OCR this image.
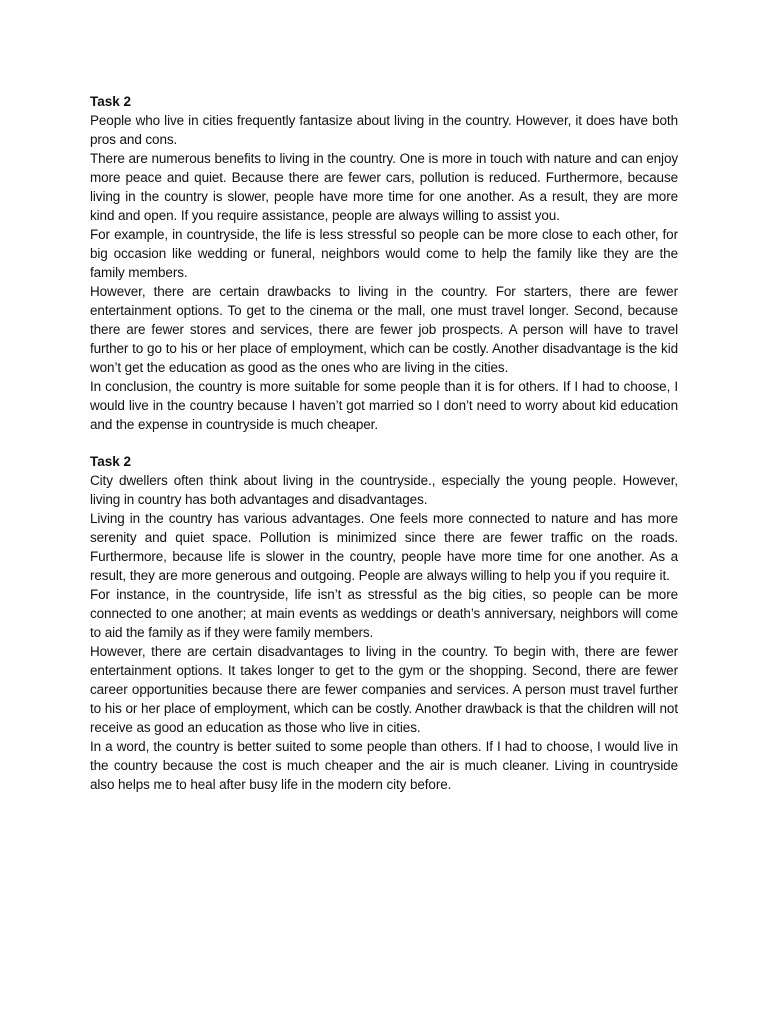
Task 2

People who live in cities frequently fantasize about living in the country. However, it does have both pros and cons.

There are numerous benefits to living in the country. One is more in touch with nature and can enjoy more peace and quiet. Because there are fewer cars, pollution is reduced. Furthermore, because living in the country is slower, people have more time for one another. As a result, they are more kind and open. If you require assistance, people are always willing to assist you.

For example, in countryside, the life is less stressful so people can be more close to each other, for big occasion like wedding or funeral, neighbors would come to help the family like they are the family members.

However, there are certain drawbacks to living in the country. For starters, there are fewer entertainment options. To get to the cinema or the mall, one must travel longer. Second, because there are fewer stores and services, there are fewer job prospects. A person will have to travel further to go to his or her place of employment, which can be costly. Another disadvantage is the kid won’t get the education as good as the ones who are living in the cities.

In conclusion, the country is more suitable for some people than it is for others. If I had to choose, I would live in the country because I haven’t got married so I don’t need to worry about kid education and the expense in countryside is much cheaper.

Task 2

City dwellers often think about living in the countryside., especially the young people. However, living in country has both advantages and disadvantages.

Living in the country has various advantages. One feels more connected to nature and has more serenity and quiet space. Pollution is minimized since there are fewer traffic on the roads. Furthermore, because life is slower in the country, people have more time for one another. As a result, they are more generous and outgoing. People are always willing to help you if you require it.

For instance, in the countryside, life isn’t as stressful as the big cities, so people can be more connected to one another; at main events as weddings or death’s anniversary, neighbors will come to aid the family as if they were family members.

However, there are certain disadvantages to living in the country. To begin with, there are fewer entertainment options. It takes longer to get to the gym or the shopping. Second, there are fewer career opportunities because there are fewer companies and services. A person must travel further to his or her place of employment, which can be costly. Another drawback is that the children will not receive as good an education as those who live in cities.

In a word, the country is better suited to some people than others. If I had to choose, I would live in the country because the cost is much cheaper and the air is much cleaner. Living in countryside also helps me to heal after busy life in the modern city before.
